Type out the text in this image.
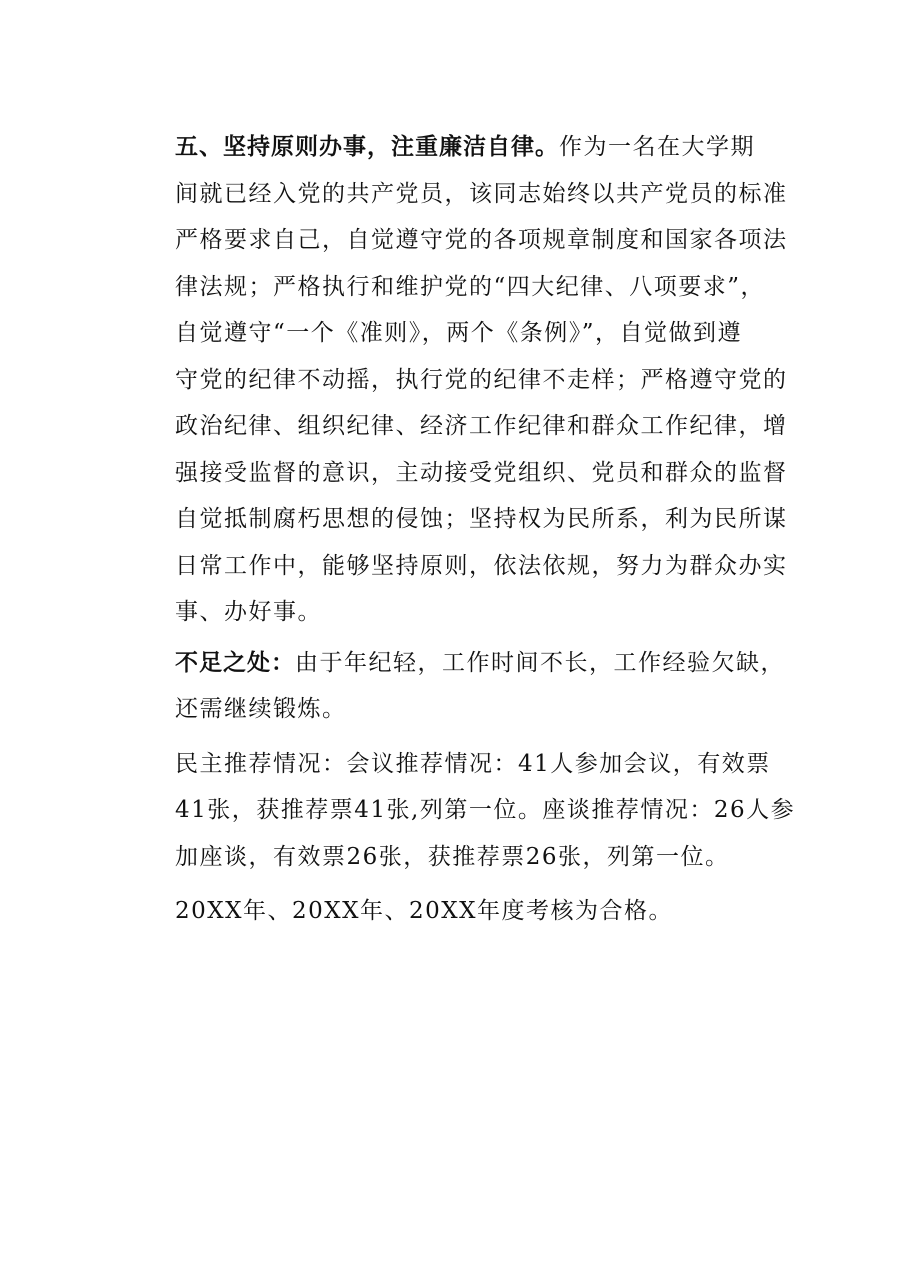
五、坚持原则办事，注重廉洁自律。作为一名在大学期
间就已经入党的共产党员，该同志始终以共产党员的标准
严格要求自己，自觉遵守党的各项规章制度和国家各项法
律法规；严格执行和维护党的“四大纪律、八项要求”，
自觉遵守“一个《准则》，两个《条例》”，自觉做到遵
守党的纪律不动摇，执行党的纪律不走样；严格遵守党的
政治纪律、组织纪律、经济工作纪律和群众工作纪律，增
强接受监督的意识，主动接受党组织、党员和群众的监督
自觉抵制腐朽思想的侵蚀；坚持权为民所系，利为民所谋
日常工作中，能够坚持原则，依法依规，努力为群众办实
事、办好事。

不足之处：由于年纪轻，工作时间不长，工作经验欠缺，
还需继续锻炼。

民主推荐情况：会议推荐情况：41人参加会议，有效票
41张，获推荐票41张,列第一位。座谈推荐情况：26人参
加座谈，有效票26张，获推荐票26张，列第一位。

20XX年、20XX年、20XX年度考核为合格。
